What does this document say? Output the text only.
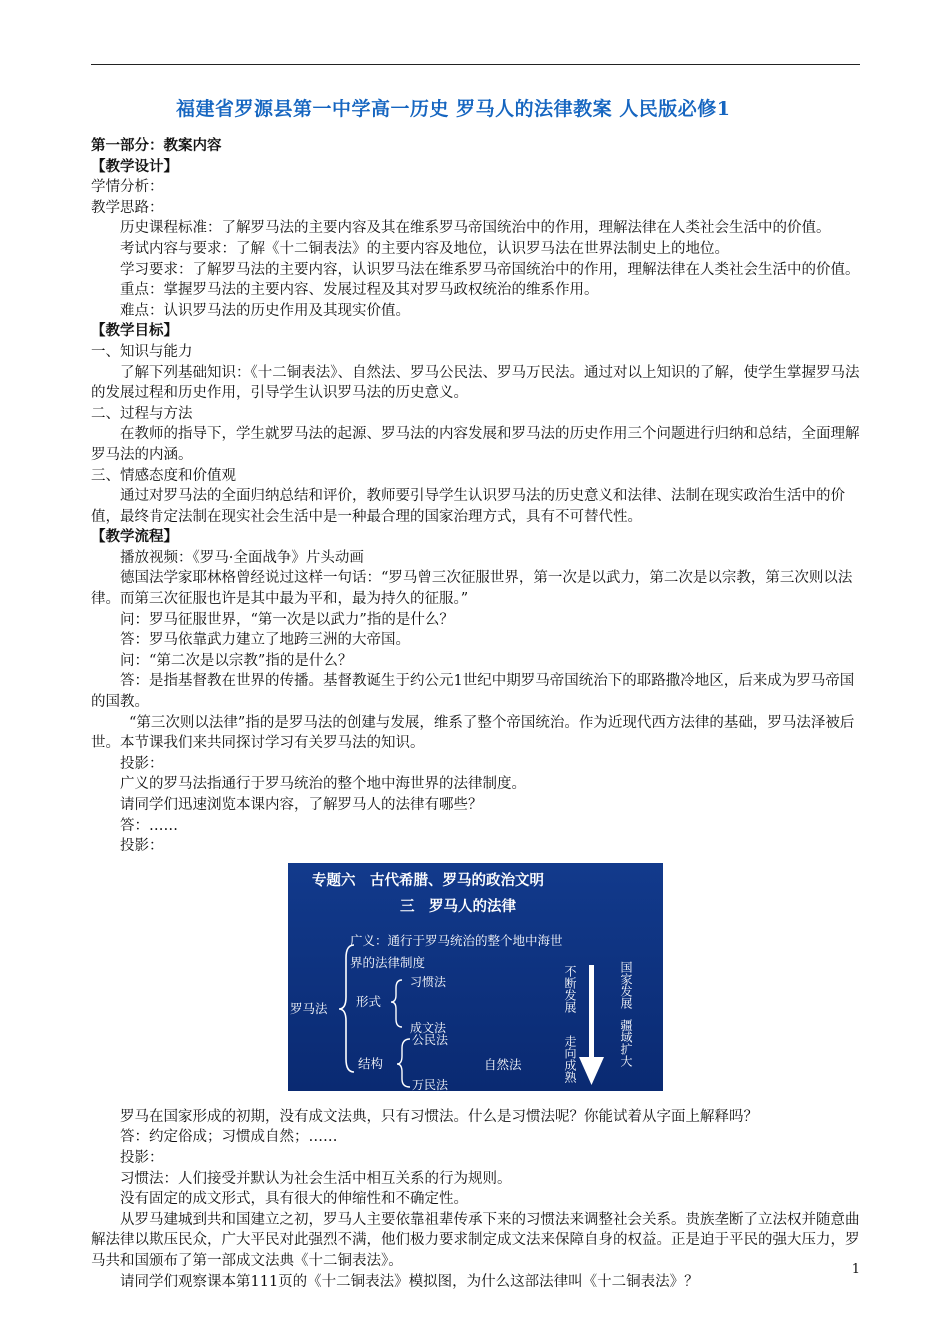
福建省罗源县第一中学高一历史 罗马人的法律教案 人民版必修1

第一部分：教案内容

【教学设计】

学情分析：

教学思路：

历史课程标准：了解罗马法的主要内容及其在维系罗马帝国统治中的作用，理解法律在人类社会生活中的价值。

考试内容与要求：了解《十二铜表法》的主要内容及地位，认识罗马法在世界法制史上的地位。

学习要求：了解罗马法的主要内容，认识罗马法在维系罗马帝国统治中的作用，理解法律在人类社会生活中的价值。

重点：掌握罗马法的主要内容、发展过程及其对罗马政权统治的维系作用。

难点：认识罗马法的历史作用及其现实价值。

【教学目标】

一、知识与能力

了解下列基础知识：《十二铜表法》、自然法、罗马公民法、罗马万民法。通过对以上知识的了解，使学生掌握罗马法的发展过程和历史作用，引导学生认识罗马法的历史意义。

二、过程与方法

在教师的指导下，学生就罗马法的起源、罗马法的内容发展和罗马法的历史作用三个问题进行归纳和总结，全面理解罗马法的内涵。

三、情感态度和价值观

通过对罗马法的全面归纳总结和评价，教师要引导学生认识罗马法的历史意义和法律、法制在现实政治生活中的价值，最终肯定法制在现实社会生活中是一种最合理的国家治理方式，具有不可替代性。

【教学流程】

播放视频：《罗马·全面战争》片头动画

德国法学家耶林格曾经说过这样一句话：“罗马曾三次征服世界，第一次是以武力，第二次是以宗教，第三次则以法律。而第三次征服也许是其中最为平和，最为持久的征服。”

问：罗马征服世界，“第一次是以武力”指的是什么？

答：罗马依靠武力建立了地跨三洲的大帝国。

问：“第二次是以宗教”指的是什么？

答：是指基督教在世界的传播。基督教诞生于约公元1世纪中期罗马帝国统治下的耶路撒冷地区，后来成为罗马帝国的国教。

“第三次则以法律”指的是罗马法的创建与发展，维系了整个帝国统治。作为近现代西方法律的基础，罗马法泽被后世。本节课我们来共同探讨学习有关罗马法的知识。

投影：

广义的罗马法指通行于罗马统治的整个地中海世界的法律制度。

请同学们迅速浏览本课内容，了解罗马人的法律有哪些？

答：……

投影：

专题六　古代希腊、罗马的政治文明
三　罗马人的法律
广义：通行于罗马统治的整个地中海世
界的法律制度
罗马法 形式
习惯法
成文法
结构
公民法
万民法
自然法
不断发展
走向成熟
国家发展
疆域扩大

罗马在国家形成的初期，没有成文法典，只有习惯法。什么是习惯法呢？你能试着从字面上解释吗？

答：约定俗成；习惯成自然；……

投影：

习惯法：人们接受并默认为社会生活中相互关系的行为规则。

没有固定的成文形式，具有很大的伸缩性和不确定性。

从罗马建城到共和国建立之初，罗马人主要依靠祖辈传承下来的习惯法来调整社会关系。贵族垄断了立法权并随意曲解法律以欺压民众，广大平民对此强烈不满，他们极力要求制定成文法来保障自身的权益。正是迫于平民的强大压力，罗马共和国颁布了第一部成文法典《十二铜表法》。

请同学们观察课本第111页的《十二铜表法》模拟图，为什么这部法律叫《十二铜表法》？

1
